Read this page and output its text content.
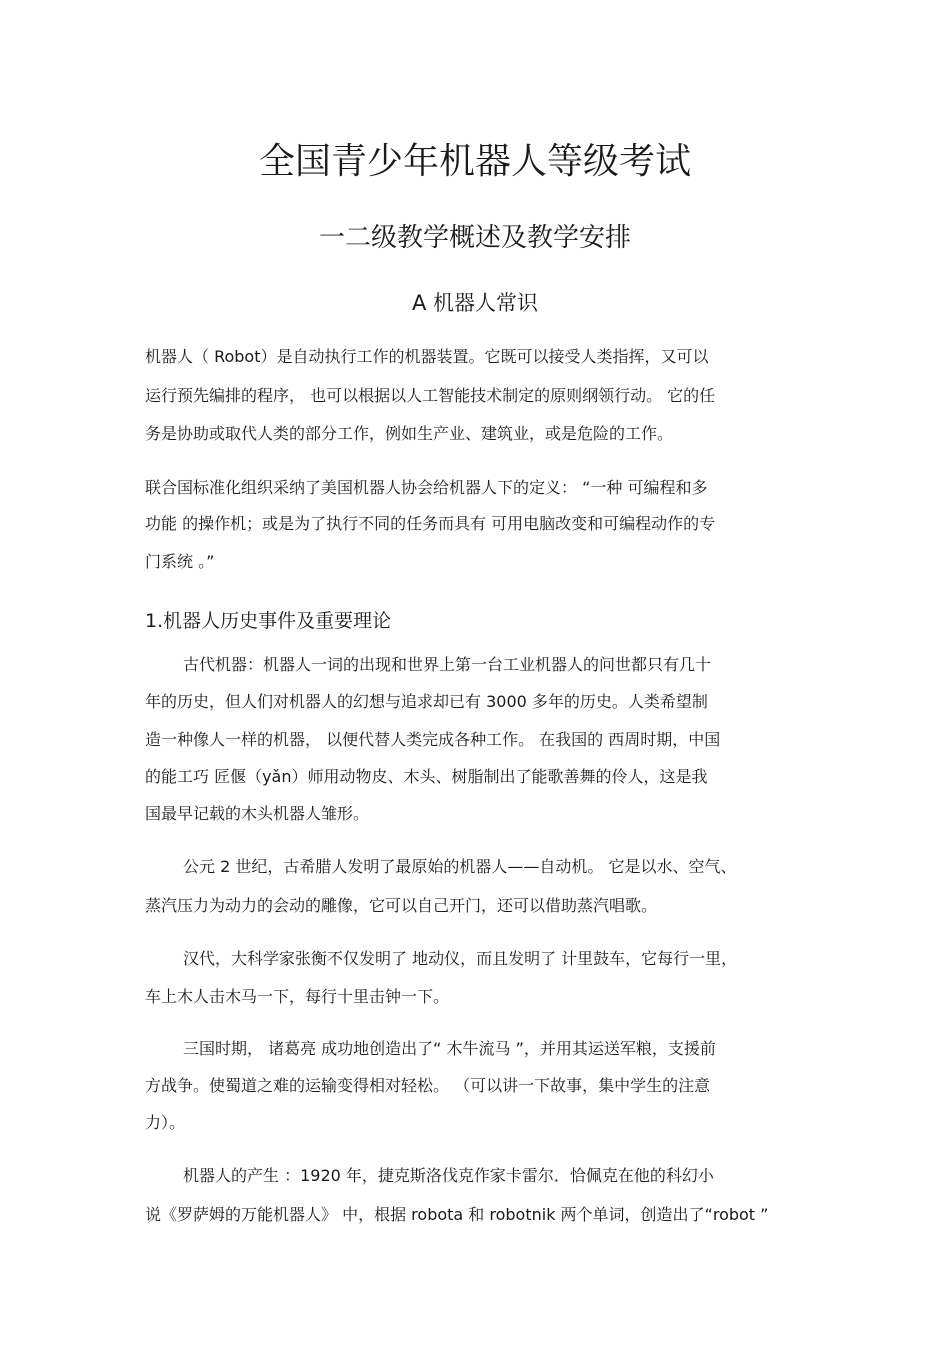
全国青少年机器人等级考试
一二级教学概述及教学安排
A 机器人常识

机器人（ Robot）是自动执行工作的机器装置。它既可以接受人类指挥，又可以

运行预先编排的程序， 也可以根据以人工智能技术制定的原则纲领行动。 它的任

务是协助或取代人类的部分工作，例如生产业、建筑业，或是危险的工作。

联合国标准化组织采纳了美国机器人协会给机器人下的定义： “一种 可编程和多

功能 的操作机；或是为了执行不同的任务而具有 可用电脑改变和可编程动作的专

门系统 。”

1.机器人历史事件及重要理论

古代机器：机器人一词的出现和世界上第一台工业机器人的问世都只有几十

年的历史，但人们对机器人的幻想与追求却已有 3000 多年的历史。人类希望制

造一种像人一样的机器， 以便代替人类完成各种工作。 在我国的 西周时期，中国

的能工巧 匠偃（yǎn）师用动物皮、木头、树脂制出了能歌善舞的伶人，这是我

国最早记载的木头机器人雏形。

公元 2 世纪，古希腊人发明了最原始的机器人——自动机。 它是以水、空气、

蒸汽压力为动力的会动的雕像，它可以自己开门，还可以借助蒸汽唱歌。

汉代，大科学家张衡不仅发明了 地动仪，而且发明了 计里鼓车，它每行一里，

车上木人击木马一下，每行十里击钟一下。

三国时期， 诸葛亮 成功地创造出了“ 木牛流马 ”，并用其运送军粮，支援前

方战争。使蜀道之难的运输变得相对轻松。 （可以讲一下故事，集中学生的注意

力）。

机器人的产生 ：1920 年，捷克斯洛伐克作家卡雷尔．恰佩克在他的科幻小

说《罗萨姆的万能机器人》 中，根据 robota 和 robotnik 两个单词，创造出了“robot ”
